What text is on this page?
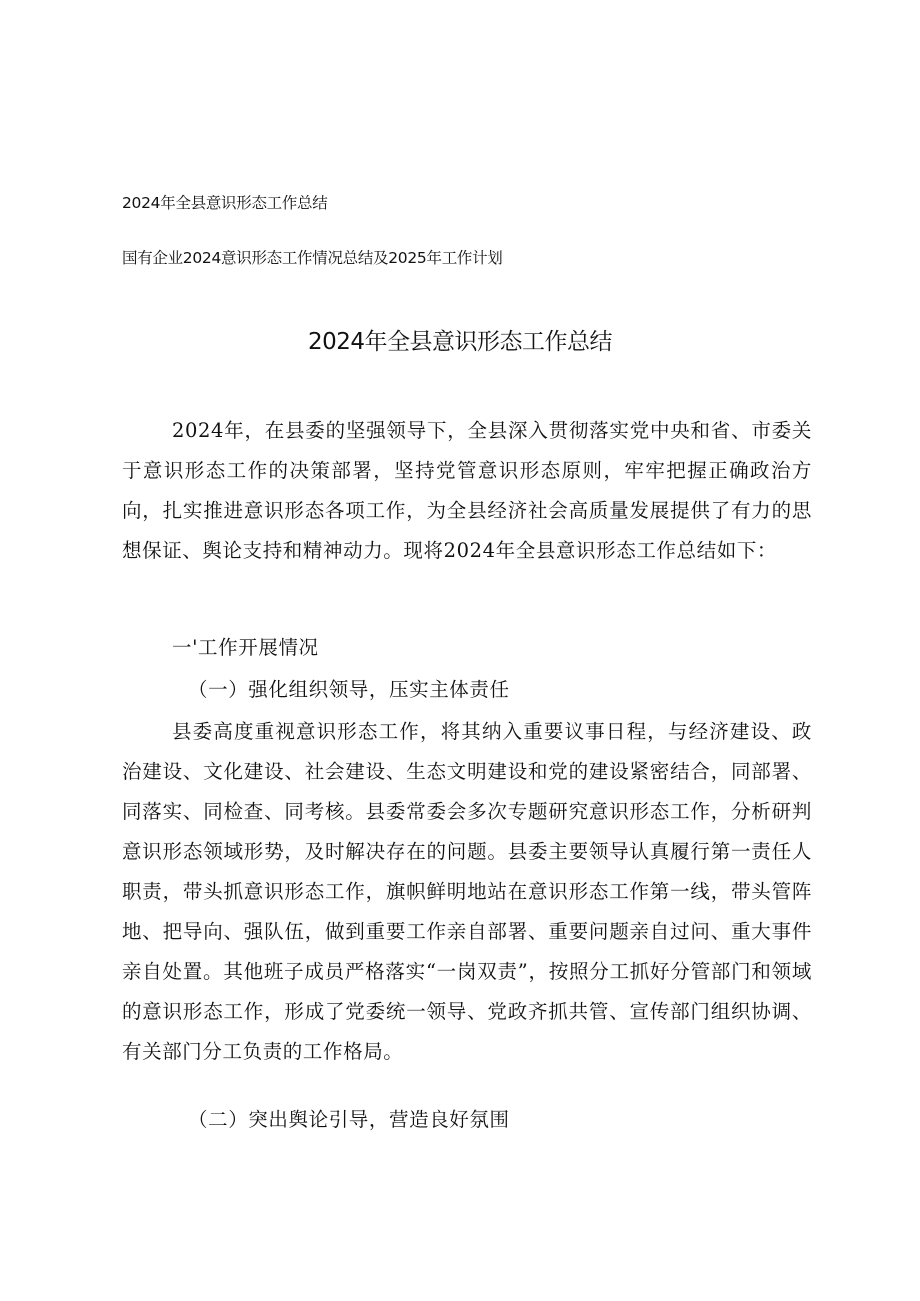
2024年全县意识形态工作总结
国有企业2024意识形态工作情况总结及2025年工作计划
2024年全县意识形态工作总结
2024年，在县委的坚强领导下，全县深入贯彻落实党中央和省、市委关于意识形态工作的决策部署，坚持党管意识形态原则，牢牢把握正确政治方向，扎实推进意识形态各项工作，为全县经济社会高质量发展提供了有力的思想保证、舆论支持和精神动力。现将2024年全县意识形态工作总结如下：
一'工作开展情况
（一）强化组织领导，压实主体责任
县委高度重视意识形态工作，将其纳入重要议事日程，与经济建设、政治建设、文化建设、社会建设、生态文明建设和党的建设紧密结合，同部署、同落实、同检查、同考核。县委常委会多次专题研究意识形态工作，分析研判意识形态领域形势，及时解决存在的问题。县委主要领导认真履行第一责任人职责，带头抓意识形态工作，旗帜鲜明地站在意识形态工作第一线，带头管阵地、把导向、强队伍，做到重要工作亲自部署、重要问题亲自过问、重大事件亲自处置。其他班子成员严格落实“一岗双责”，按照分工抓好分管部门和领域的意识形态工作，形成了党委统一领导、党政齐抓共管、宣传部门组织协调、有关部门分工负责的工作格局。
（二）突出舆论引导，营造良好氛围
